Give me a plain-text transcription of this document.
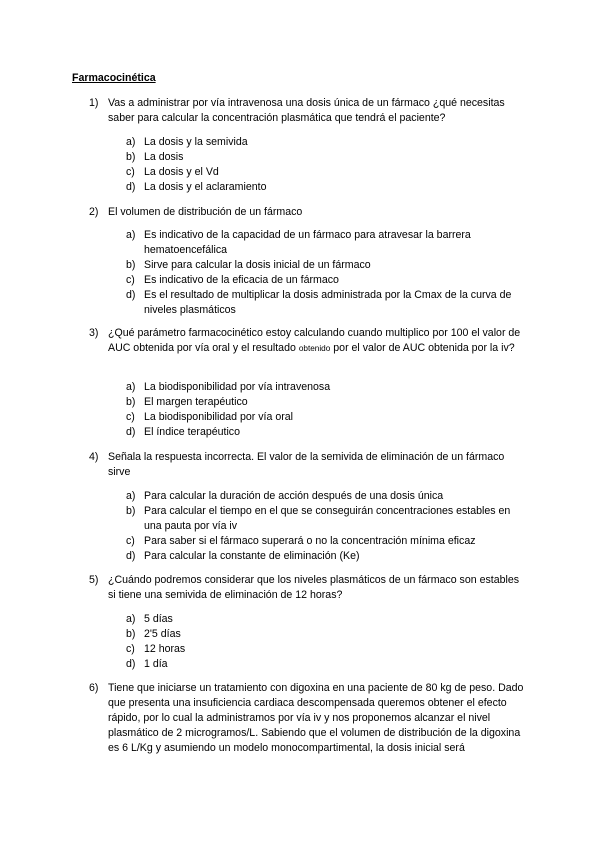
Farmacocinética
1) Vas a administrar por vía intravenosa una dosis única de un fármaco ¿qué necesitas saber para calcular la concentración plasmática que tendrá el paciente?
a) La dosis y la semivida
b) La dosis
c) La dosis y el Vd
d) La dosis y el aclaramiento
2) El volumen de distribución de un fármaco
a) Es indicativo de la capacidad de un fármaco para atravesar la barrera hematoencefálica
b) Sirve para calcular la dosis inicial de un fármaco
c) Es indicativo de la eficacia de un fármaco
d) Es el resultado de multiplicar la dosis administrada por la Cmax de la curva de niveles plasmáticos
3) ¿Qué parámetro farmacocinético estoy calculando cuando multiplico por 100 el valor de AUC obtenida por vía oral y el resultado obtenido por el valor de AUC obtenida por la iv?
a) La biodisponibilidad por vía intravenosa
b) El margen terapéutico
c) La biodisponibilidad por vía oral
d) El índice terapéutico
4) Señala la respuesta incorrecta. El valor de la semivida de eliminación de un fármaco sirve
a) Para calcular la duración de acción después de una dosis única
b) Para calcular el tiempo en el que se conseguirán concentraciones estables en una pauta por vía iv
c) Para saber si el fármaco superará o no la concentración mínima eficaz
d) Para calcular la constante de eliminación (Ke)
5) ¿Cuándo podremos considerar que los niveles plasmáticos de un fármaco son estables si tiene una semivida de eliminación de 12 horas?
a) 5 días
b) 2'5 días
c) 12 horas
d) 1 día
6) Tiene que iniciarse un tratamiento con digoxina en una paciente de 80 kg de peso. Dado que presenta una insuficiencia cardiaca descompensada queremos obtener el efecto rápido, por lo cual la administramos por vía iv y nos proponemos alcanzar el nivel plasmático de 2 microgramos/L. Sabiendo que el volumen de distribución de la digoxina es 6 L/Kg y asumiendo un modelo monocompartimental, la dosis inicial será
